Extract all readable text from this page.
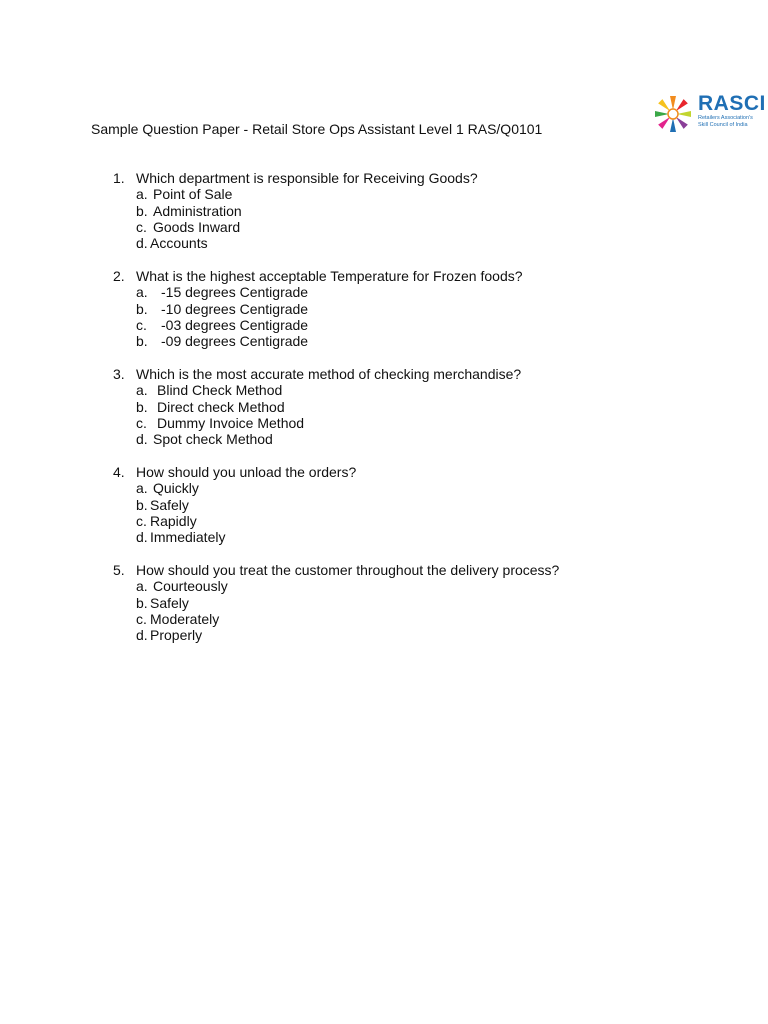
RASCI
Retailers Association's
Skill Council of India
Sample Question Paper - Retail Store Ops Assistant Level 1 RAS/Q0101
1. Which department is responsible for Receiving Goods?
a. Point of Sale
b. Administration
c. Goods Inward
d. Accounts
2. What is the highest acceptable Temperature for Frozen foods?
a. -15 degrees Centigrade
b. -10 degrees Centigrade
c. -03 degrees Centigrade
b. -09 degrees Centigrade
3. Which is the most accurate method of checking merchandise?
a. Blind Check Method
b. Direct check Method
c. Dummy Invoice Method
d. Spot check Method
4. How should you unload the orders?
a. Quickly
b. Safely
c. Rapidly
d. Immediately
5. How should you treat the customer throughout the delivery process?
a. Courteously
b. Safely
c. Moderately
d. Properly
